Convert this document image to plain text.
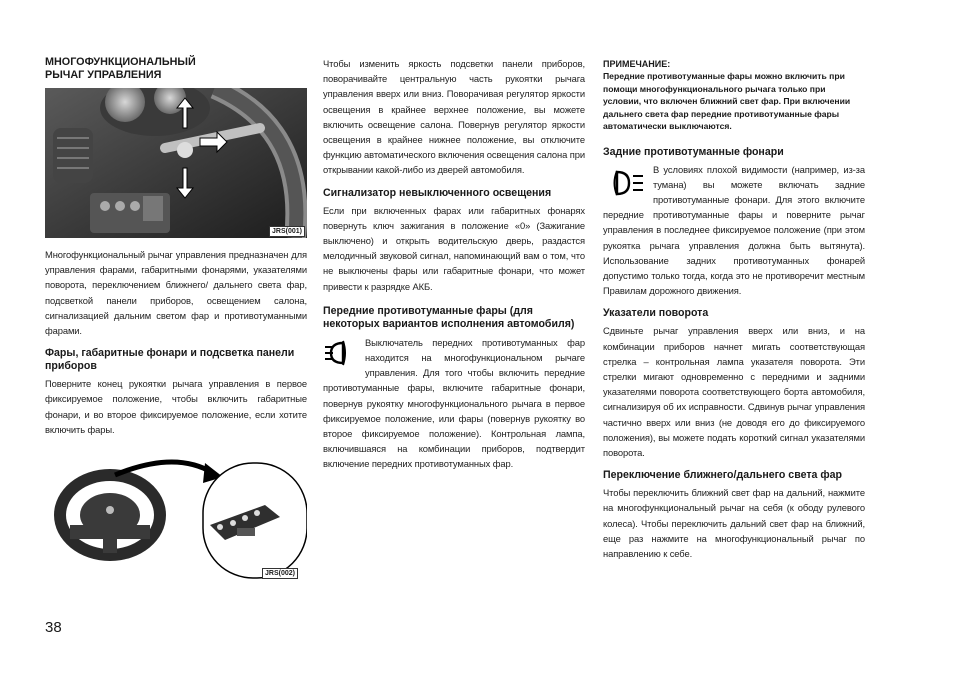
МНОГОФУНКЦИОНАЛЬНЫЙ
РЫЧАГ УПРАВЛЕНИЯ
JRS(001)

Многофункциональный рычаг управления предназначен для управления фарами, габаритными фонарями, указателями поворота, переключением ближнего/ дальнего света фар, подсветкой панели приборов, освещением салона, сигнализацией дальним светом фар и противотуманными фарами.

Фары, габаритные фонари и подсветка панели приборов

Поверните конец рукоятки рычага управления в первое фиксируемое положение, чтобы включить габаритные фонари, и во второе фиксируемое положение, если хотите включить фары.

JRS(002)

Чтобы изменить яркость подсветки панели приборов, поворачивайте центральную часть рукоятки рычага управления вверх или вниз. Поворачивая регулятор яркости освещения в крайнее верхнее положение, вы можете включить освещение салона. Повернув регулятор яркости освещения в крайнее нижнее положение, вы отключите функцию автоматического включения освещения салона при открывании какой-либо из дверей автомобиля.

Сигнализатор невыключенного освещения

Если при включенных фарах или габаритных фонарях повернуть ключ зажигания в положение «0» (Зажигание выключено) и открыть водительскую дверь, раздастся мелодичный звуковой сигнал, напоминающий вам о том, что не выключены фары или габаритные фонари, что может привести к разрядке АКБ.

Передние противотуманные фары (для некоторых вариантов исполнения автомобиля)

Выключатель передних противотуманных фар находится на многофункциональном рычаге управления. Для того чтобы включить передние противотуманные фары, включите габаритные фонари, повернув рукоятку многофункционального рычага в первое фиксируемое положение, или фары (повернув рукоятку во второе фиксируемое положение). Контрольная лампа, включившаяся на комбинации приборов, подтвердит включение передних противотуманных фар.

ПРИМЕЧАНИЕ:

Передние противотуманные фары можно включить при помощи многофункционального рычага только при условии, что включен ближний свет фар. При включении дальнего света фар передние противотуманные фары автоматически выключаются.

Задние противотуманные фонари

В условиях плохой видимости (например, из-за тумана) вы можете включать задние противотуманные фонари. Для этого включите передние противотуманные фары и поверните рычаг управления в последнее фиксируемое положение (при этом рукоятка рычага управления должна быть вытянута). Использование задних противотуманных фонарей допустимо только тогда, когда это не противоречит местным Правилам дорожного движения.

Указатели поворота

Сдвиньте рычаг управления вверх или вниз, и на комбинации приборов начнет мигать соответствующая стрелка – контрольная лампа указателя поворота. Эти стрелки мигают одновременно с передними и задними указателями поворота соответствующего борта автомобиля, сигнализируя об их исправности. Сдвинув рычаг управления частично вверх или вниз (не доводя его до фиксируемого положения), вы можете подать короткий сигнал указателями поворота.

Переключение ближнего/дальнего света фар

Чтобы переключить ближний свет фар на дальний, нажмите на многофункциональный рычаг на себя (к ободу рулевого колеса). Чтобы переключить дальний свет фар на ближний, еще раз нажмите на многофункциональный рычаг по направлению к себе.

38
